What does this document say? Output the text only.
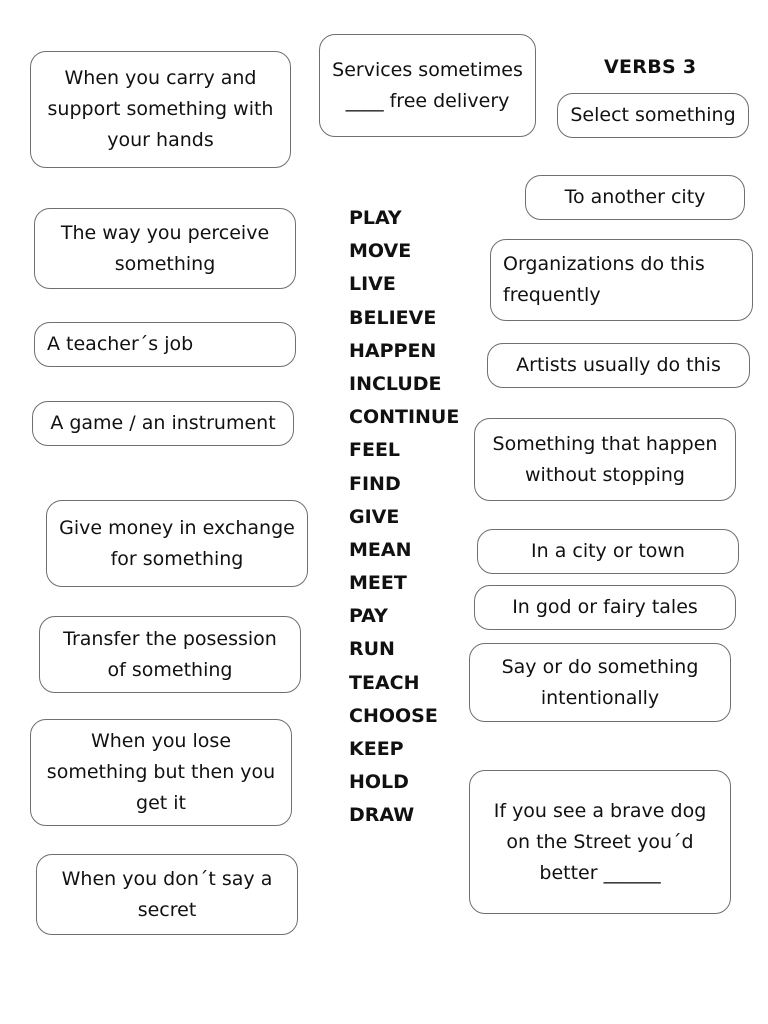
VERBS 3
Services sometimes
____ free delivery
When you carry and
support something with
your hands
The way you perceive
something
A teacher´s job
A game / an instrument
Give money in exchange
for something
Transfer the posession
of something
When you lose
something but then you
get it
When you don´t say a
secret
PLAY
MOVE
LIVE
BELIEVE
HAPPEN
INCLUDE
CONTINUE
FEEL
FIND
GIVE
MEAN
MEET
PAY
RUN
TEACH
CHOOSE
KEEP
HOLD
DRAW
Select something
To another city
Organizations do this
frequently
Artists usually do this
Something that happen
without stopping
In a city or town
In god or fairy tales
Say or do something
intentionally
If you see a brave dog
on the Street you´d
better ______
